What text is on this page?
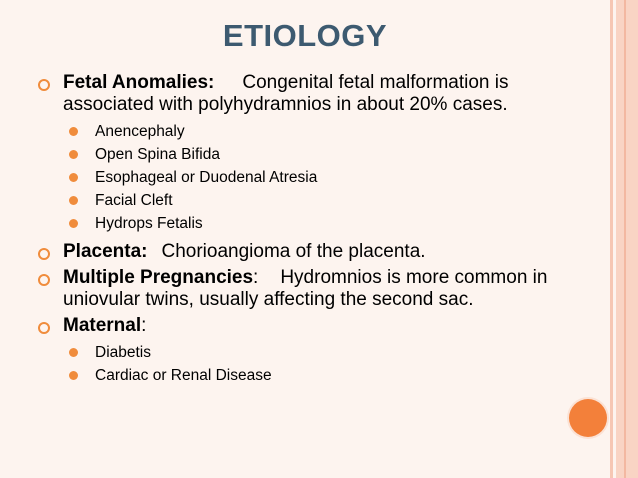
ETIOLOGY
Fetal Anomalies: Congenital fetal malformation is associated with polyhydramnios in about 20% cases.
Anencephaly
Open Spina Bifida
Esophageal or Duodenal Atresia
Facial Cleft
Hydrops Fetalis
Placenta: Chorioangioma of the placenta.
Multiple Pregnancies: Hydromnios is more common in uniovular twins, usually affecting the second sac.
Maternal:
Diabetis
Cardiac or Renal Disease
